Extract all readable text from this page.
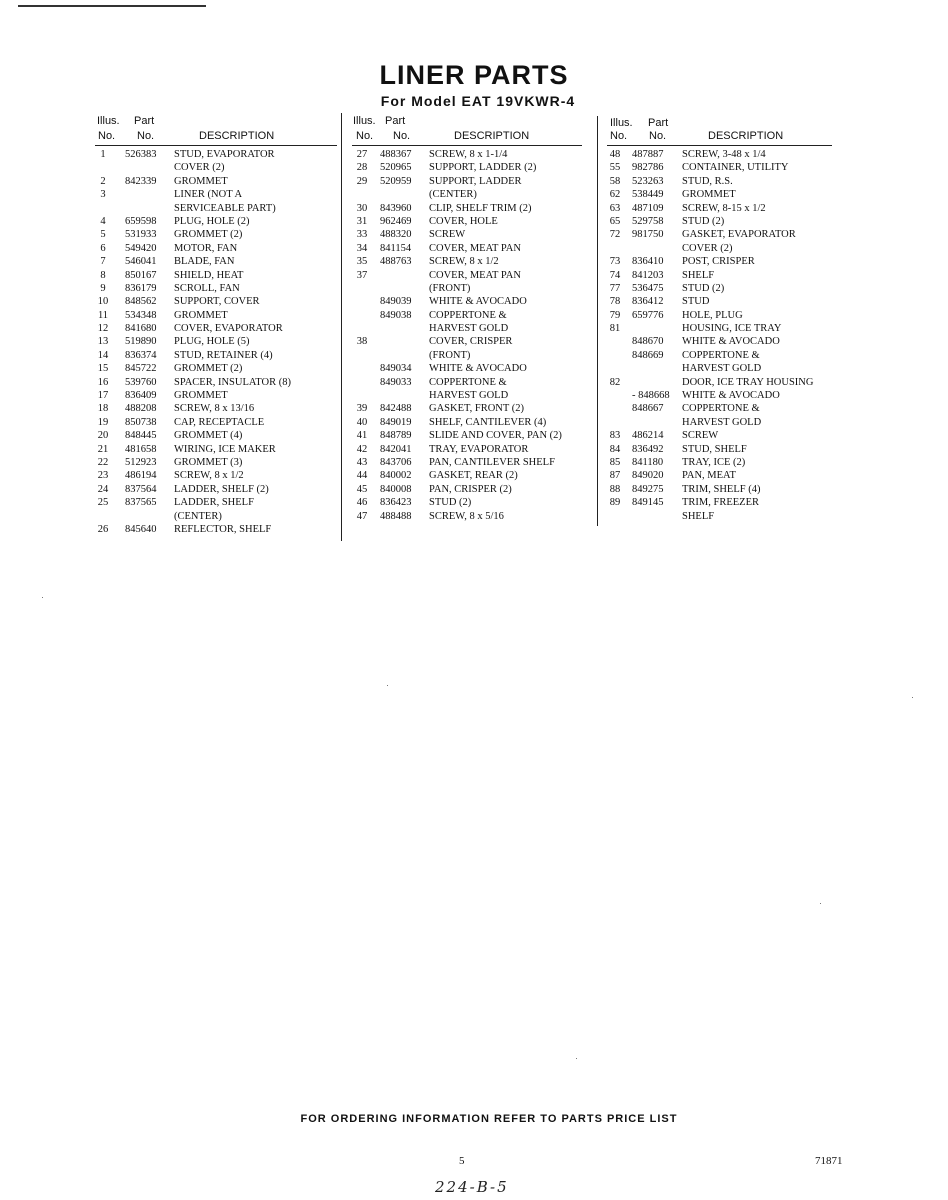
LINER PARTS
For Model EAT 19VKWR-4
Illus. Part
No. No.	DESCRIPTION
1	526383 STUD, EVAPORATOR
COVER (2)
2	842339 GROMMET
3	LINER (NOT A
SERVICEABLE PART)
4	659598 PLUG, HOLE (2)
5	531933 GROMMET (2)
6	549420 MOTOR, FAN
7	546041 BLADE, FAN
8	850167 SHIELD, HEAT
9	836179 SCROLL, FAN
10 848562 SUPPORT, COVER
11 534348 GROMMET
12 841680 COVER, EVAPORATOR
13 519890 PLUG, HOLE (5)
14 836374 STUD, RETAINER (4)
15 845722 GROMMET (2)
16 539760 SPACER, INSULATOR (8)
17 836409 GROMMET
18 488208 SCREW, 8 x 13/16
19 850738 CAP, RECEPTACLE
20 848445 GROMMET (4)
21 481658 WIRING, ICE MAKER
22 512923 GROMMET (3)
23 486194 SCREW, 8 x 1/2
24 837564 LADDER, SHELF (2)
25 837565 LADDER, SHELF
(CENTER)
26 845640 REFLECTOR, SHELF
Illus. Part
No. No.	DESCRIPTION
27 488367 SCREW, 8 x 1-1/4
28 520965 SUPPORT, LADDER (2)
29 520959 SUPPORT, LADDER
(CENTER)
30 843960 CLIP, SHELF TRIM (2)
31 962469 COVER, HOLE
33 488320 SCREW
34 841154 COVER, MEAT PAN
35 488763 SCREW, 8 x 1/2
37	COVER, MEAT PAN
(FRONT)
849039 WHITE & AVOCADO
849038 COPPERTONE &
HARVEST GOLD
38	COVER, CRISPER
(FRONT)
849034 WHITE & AVOCADO
849033 COPPERTONE &
HARVEST GOLD
39 842488 GASKET, FRONT (2)
40 849019 SHELF, CANTILEVER (4)
41 848789 SLIDE AND COVER, PAN (2)
42 842041 TRAY, EVAPORATOR
43 843706 PAN, CANTILEVER SHELF
44 840002 GASKET, REAR (2)
45 840008 PAN, CRISPER (2)
46 836423 STUD (2)
47 488488 SCREW, 8 x 5/16
Illus. Part
No. No.	DESCRIPTION
48 487887 SCREW, 3-48 x 1/4
55 982786 CONTAINER, UTILITY
58 523263 STUD, R.S.
62 538449 GROMMET
63 487109 SCREW, 8-15 x 1/2
65 529758 STUD (2)
72 981750 GASKET, EVAPORATOR
COVER (2)
73 836410 POST, CRISPER
74 841203 SHELF
77 536475 STUD (2)
78 836412 STUD
79 659776 HOLE, PLUG
81	HOUSING, ICE TRAY
848670 WHITE & AVOCADO
848669 COPPERTONE &
HARVEST GOLD
82	DOOR, ICE TRAY HOUSING
- 848668 WHITE & AVOCADO
848667 COPPERTONE &
HARVEST GOLD
83 486214 SCREW
84 836492 STUD, SHELF
85 841180 TRAY, ICE (2)
87 849020 PAN, MEAT
88 849275 TRIM, SHELF (4)
89 849145 TRIM, FREEZER
SHELF
FOR ORDERING INFORMATION REFER TO PARTS PRICE LIST
5	71871
224-B-5
